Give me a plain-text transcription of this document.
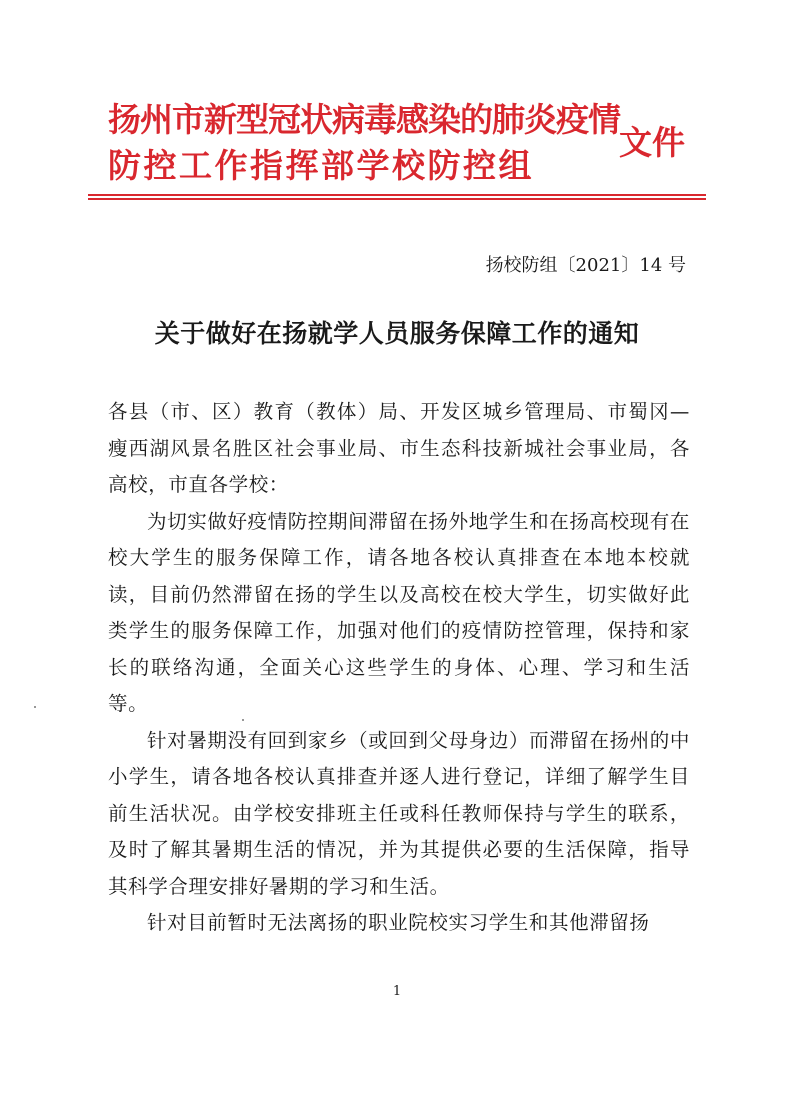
扬州市新型冠状病毒感染的肺炎疫情
防控工作指挥部学校防控组
文件
扬校防组〔2021〕14 号
关于做好在扬就学人员服务保障工作的通知

各县（市、区）教育（教体）局、开发区城乡管理局、市蜀冈—瘦西湖风景名胜区社会事业局、市生态科技新城社会事业局，各高校，市直各学校：

为切实做好疫情防控期间滞留在扬外地学生和在扬高校现有在校大学生的服务保障工作，请各地各校认真排查在本地本校就读，目前仍然滞留在扬的学生以及高校在校大学生，切实做好此类学生的服务保障工作，加强对他们的疫情防控管理，保持和家长的联络沟通，全面关心这些学生的身体、心理、学习和生活等。

针对暑期没有回到家乡（或回到父母身边）而滞留在扬州的中小学生，请各地各校认真排查并逐人进行登记，详细了解学生目前生活状况。由学校安排班主任或科任教师保持与学生的联系，及时了解其暑期生活的情况，并为其提供必要的生活保障，指导其科学合理安排好暑期的学习和生活。

针对目前暂时无法离扬的职业院校实习学生和其他滞留扬

1
